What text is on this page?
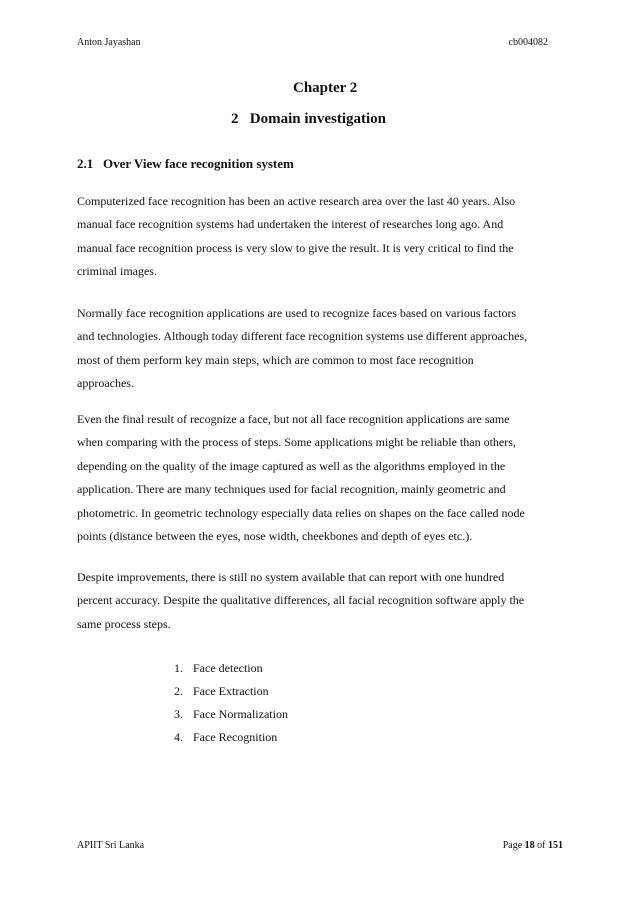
Anton Jayashan	cb004082
Chapter 2
2 Domain investigation
2.1 Over View face recognition system

Computerized face recognition has been an active research area over the last 40 years. Also
manual face recognition systems had undertaken the interest of researches long ago. And
manual face recognition process is very slow to give the result. It is very critical to find the
criminal images.

Normally face recognition applications are used to recognize faces based on various factors
and technologies. Although today different face recognition systems use different approaches,
most of them perform key main steps, which are common to most face recognition
approaches.

Even the final result of recognize a face, but not all face recognition applications are same
when comparing with the process of steps. Some applications might be reliable than others,
depending on the quality of the image captured as well as the algorithms employed in the
application. There are many techniques used for facial recognition, mainly geometric and
photometric. In geometric technology especially data relies on shapes on the face called node
points (distance between the eyes, nose width, cheekbones and depth of eyes etc.).

Despite improvements, there is still no system available that can report with one hundred
percent accuracy. Despite the qualitative differences, all facial recognition software apply the
same process steps.

1. Face detection
2. Face Extraction
3. Face Normalization
4. Face Recognition
APIIT Sri Lanka	Page 18 of 151
